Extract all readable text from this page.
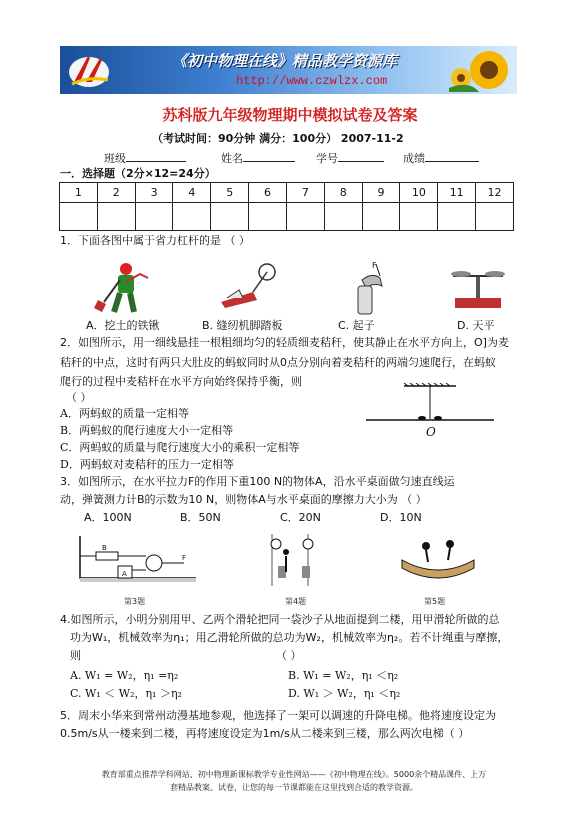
《初中物理在线》精品教学资源库
http://www.czwlzx.com
苏科版九年级物理期中模拟试卷及答案
（考试时间：90分钟 满分：100分） 2007-11-2
班级	姓名	学号	成绩
一．选择题（2分×12=24分）
1	2	3	4	5	6	7	8	9	10	11	12

1．下面各图中属于省力杠杆的是 （ ）
F
A．挖土的铁锹	B. 缝纫机脚踏板	C. 起子	D. 天平
2．如图所示，用一细线悬挂一根粗细均匀的轻质细麦秸秆，使其静止在水平方向上，O]为麦
秸秆的中点，这时有两只大肚皮的蚂蚁同时从0点分别向着麦秸秆的两端匀速爬行，在蚂蚁
爬行的过程中麦秸杆在水平方向始终保持乎衡，则
（ ）
A．两蚂蚁的质量一定相等
B．两蚂蚁的爬行速度大小一定相等
C．两蚂蚁的质量与爬行速度大小的乘积一定相等
D．两蚂蚁对麦秸秆的压力一定相等
O
3．如图所示，在水平拉力F的作用下重100 N的物体A，沿水平桌面做匀速直线运
动，弹簧测力计B的示数为10 N，则物体A与水平桌面的摩擦力大小为 （ ）
A．100N	B．50N	C．20N	D．10N
B
A
F
第3题	第4题	第5题
4.如图所示，小明分别用甲、乙两个滑轮把同一袋沙子从地面提到二楼，用甲滑轮所做的总
功为W₁，机械效率为η₁；用乙滑轮所做的总功为W₂，机械效率为η₂。若不计绳重与摩擦，
则	（ ）
A. W₁ = W₂，η₁ =η₂	B. W₁ = W₂，η₁ ＜η₂
C. W₁ ＜ W₂，η₁ ＞η₂	D. W₁ ＞ W₂，η₁ ＜η₂
5．周末小华来到常州动漫基地参观，他选择了一架可以调速的升降电梯。他将速度设定为
0.5m/s从一楼来到二楼，再将速度设定为1m/s从二楼来到三楼，那么两次电梯（ ）
教育部重点推荐学科网站、初中物理新课标教学专业性网站——《初中物理在线》。5000余个精品课件、上万
套精品教案、试卷，让您的每一节课都能在这里找到合适的教学资源。
